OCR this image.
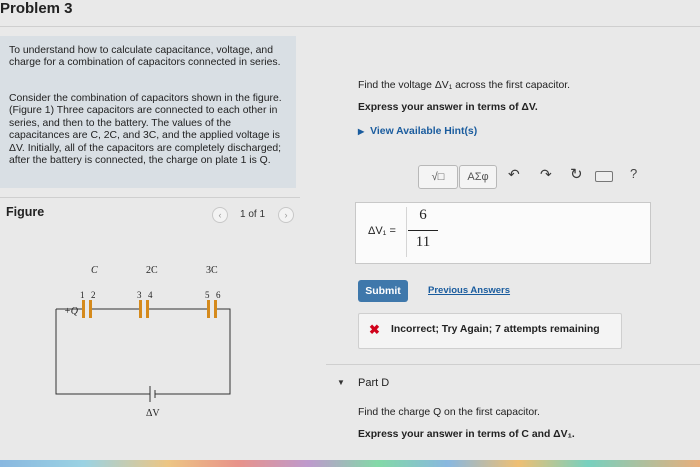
Problem 3

To understand how to calculate capacitance, voltage, and charge for a combination of capacitors connected in series.

Consider the combination of capacitors shown in the figure.(Figure 1) Three capacitors are connected to each other in series, and then to the battery. The values of the capacitances are C, 2C, and 3C, and the applied voltage is ΔV. Initially, all of the capacitors are completely discharged; after the battery is connected, the charge on plate 1 is Q.

Figure	‹	1 of 1	›
C	2C	3C
1 2	3 4	5 6
+Q
ΔV
Find the voltage ΔV₁ across the first capacitor.
Express your answer in terms of ΔV.
▶ View Available Hint(s)
√□	ΑΣφ	↶ ↷ ↻	?
ΔV₁ =
6
11
Submit	Previous Answers
✖ Incorrect; Try Again; 7 attempts remaining
▼ Part D
Find the charge Q on the first capacitor.
Express your answer in terms of C and ΔV₁.
